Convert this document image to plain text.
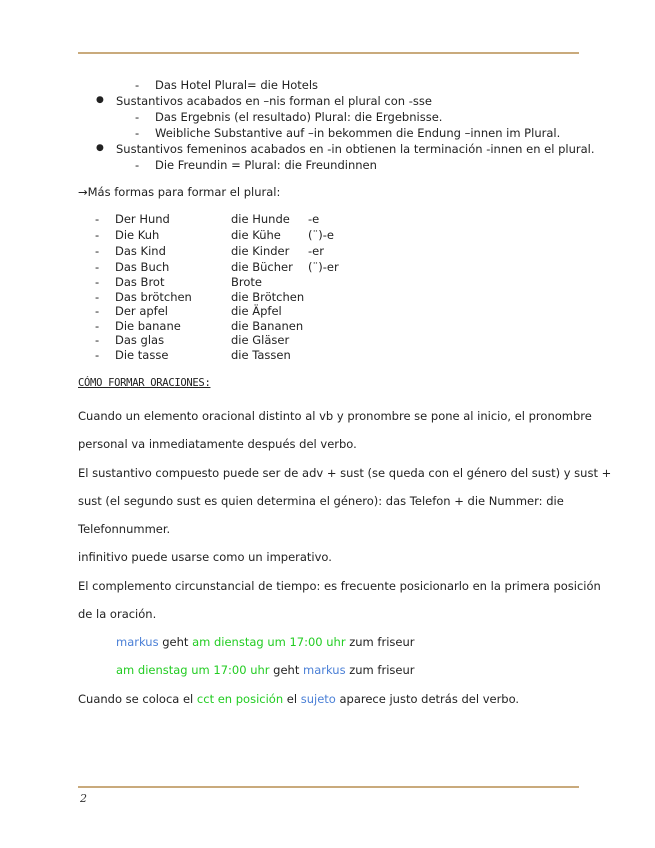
- Das Hotel Plural= die Hotels
● Sustantivos acabados en –nis forman el plural con -sse
- Das Ergebnis (el resultado) Plural: die Ergebnisse.
- Weibliche Substantive auf –in bekommen die Endung –innen im Plural.
● Sustantivos femeninos acabados en -in obtienen la terminación -innen en el plural.
- Die Freundin = Plural: die Freundinnen
→Más formas para formar el plural:
- Der Hund	die Hunde -e
- Die Kuh	die Kühe (¨)-e
- Das Kind	die Kinder -er
- Das Buch	die Bücher (¨)-er
- Das Brot	Brote
- Das brötchen	die Brötchen
- Der apfel	die Äpfel
- Die banane	die Bananen
- Das glas	die Gläser
- Die tasse	die Tassen
CÓMO FORMAR ORACIONES:
Cuando un elemento oracional distinto al vb y pronombre se pone al inicio, el pronombre
personal va inmediatamente después del verbo.
El sustantivo compuesto puede ser de adv + sust (se queda con el género del sust) y sust +
sust (el segundo sust es quien determina el género): das Telefon + die Nummer: die
Telefonnummer.
infinitivo puede usarse como un imperativo.
El complemento circunstancial de tiempo: es frecuente posicionarlo en la primera posición
de la oración.
markus geht am dienstag um 17:00 uhr zum friseur
am dienstag um 17:00 uhr geht markus zum friseur
Cuando se coloca el cct en posición el sujeto aparece justo detrás del verbo.
2
